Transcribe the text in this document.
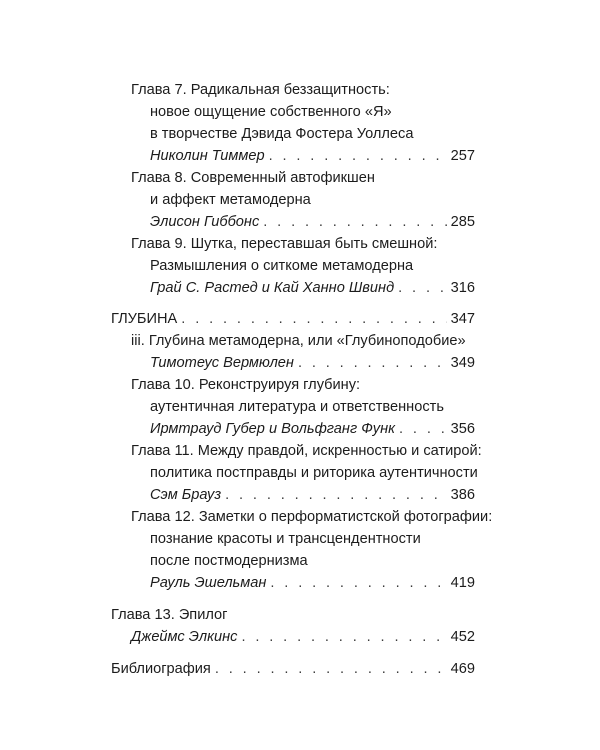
Глава 7. Радикальная беззащитность:
новое ощущение собственного «Я»
в творчестве Дэвида Фостера Уоллеса
Николин Тиммер . . .	257
Глава 8. Современный автофикшен
и аффект метамодерна
Элисон Гиббонс . . .	285
Глава 9. Шутка, переставшая быть смешной:
Размышления о ситкоме метамодерна
Грай С. Растед и Кай Ханно Швинд . . .	316
ГЛУБИНА . . .	347
iii. Глубина метамодерна, или «Глубиноподобие»
Тимотеус Вермюлен . . .	349
Глава 10. Реконструируя глубину:
аутентичная литература и ответственность
Ирмтрауд Губер и Вольфганг Функ . . .	356
Глава 11. Между правдой, искренностью и сатирой:
политика постправды и риторика аутентичности
Сэм Брауз . . .	386
Глава 12. Заметки о перформатистской фотографии:
познание красоты и трансцендентности
после постмодернизма
Рауль Эшельман . . .	419
Глава 13. Эпилог
Джеймс Элкинс . . .	452
Библиография . . .	469
